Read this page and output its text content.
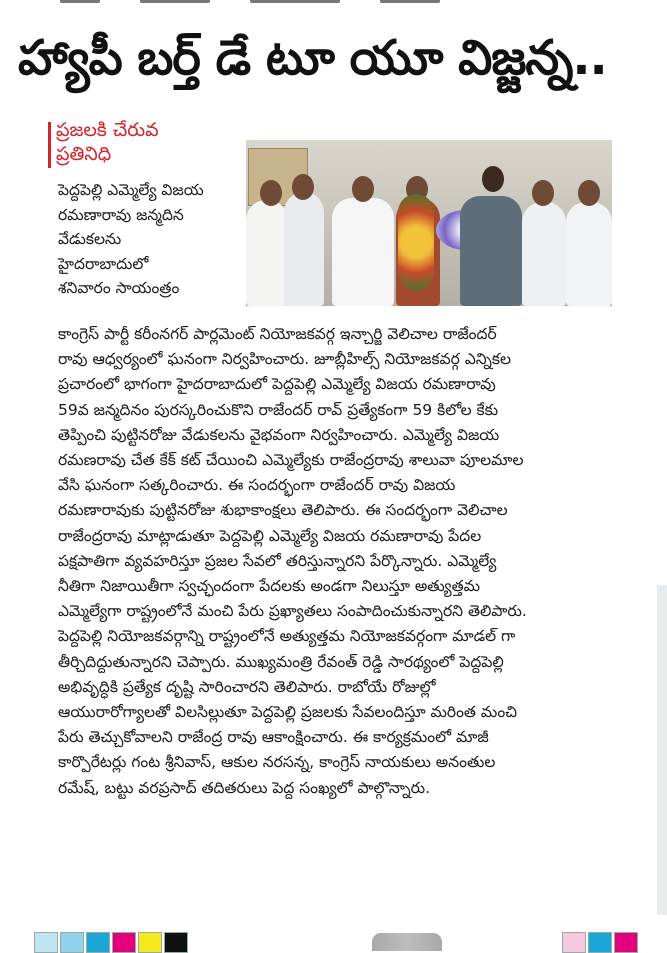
హ్యాపీ బర్త్ డే టూ యూ విజ్జన్న..
ప్రజలకి చేరువ
ప్రతినిధి
పెద్దపెల్లి ఎమ్మెల్యే విజయ
రమణారావు జన్మదిన
వేడుకలను
హైదరాబాదులో
శనివారం సాయంత్రం
కాంగ్రెస్ పార్టీ కరీంనగర్ పార్లమెంట్ నియోజకవర్గ ఇన్చార్జి వెలిచాల రాజేందర్
రావు ఆధ్వర్యంలో ఘనంగా నిర్వహించారు. జూబ్లీహిల్స్ నియోజకవర్గ ఎన్నికల
ప్రచారంలో భాగంగా హైదరాబాదులో పెద్దపెల్లి ఎమ్మెల్యే విజయ రమణారావు
59వ జన్మదినం పురస్కరించుకొని రాజేందర్ రావ్ ప్రత్యేకంగా 59 కిలోల కేకు
తెప్పించి పుట్టినరోజు వేడుకలను వైభవంగా నిర్వహించారు. ఎమ్మెల్యే విజయ
రమణరావు చేత కేక్ కట్ చేయించి ఎమ్మెల్యేకు రాజేంద్రరావు శాలువా పూలమాల
వేసి ఘనంగా సత్కరించారు. ఈ సందర్భంగా రాజేందర్ రావు విజయ
రమణారావుకు పుట్టినరోజు శుభాకాంక్షలు తెలిపారు. ఈ సందర్భంగా వెలిచాల
రాజేంద్రరావు మాట్లాడుతూ పెద్దపెల్లి ఎమ్మెల్యే విజయ రమణారావు పేదల
పక్షపాతిగా వ్యవహరిస్తూ ప్రజల సేవలో తరిస్తున్నారని పేర్కొన్నారు. ఎమ్మెల్యే
నీతిగా నిజాయితీగా స్వచ్ఛందంగా పేదలకు అండగా నిలుస్తూ అత్యుత్తమ
ఎమ్మెల్యేగా రాష్ట్రంలోనే మంచి పేరు ప్రఖ్యాతలు సంపాదించుకున్నారని తెలిపారు.
పెద్దపెల్లి నియోజకవర్గాన్ని రాష్ట్రంలోనే అత్యుత్తమ నియోజకవర్గంగా మాడల్ గా
తీర్చిదిద్దుతున్నారని చెప్పారు. ముఖ్యమంత్రి రేవంత్ రెడ్డి సారథ్యంలో పెద్దపెల్లి
అభివృద్ధికి ప్రత్యేక దృష్టి సారించారని తెలిపారు. రాబోయే రోజుల్లో
ఆయురారోగ్యాలతో విలసిల్లుతూ పెద్దపెల్లి ప్రజలకు సేవలందిస్తూ మరింత మంచి
పేరు తెచ్చుకోవాలని రాజేంద్ర రావు ఆకాంక్షించారు. ఈ కార్యక్రమంలో మాజీ
కార్పొరేటర్లు గంట శ్రీనివాస్, ఆకుల నరసన్న, కాంగ్రెస్ నాయకులు అనంతుల
రమేష్, బట్టు వరప్రసాద్ తదితరులు పెద్ద సంఖ్యలో పాల్గొన్నారు.
